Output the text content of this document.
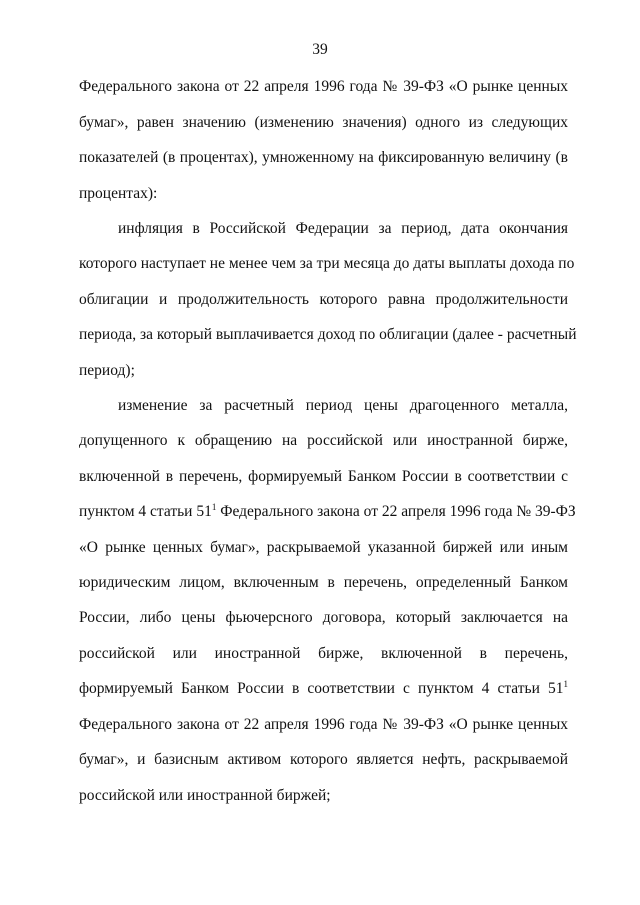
39
Федерального закона от 22 апреля 1996 года № 39-ФЗ «О рынке ценных
бумаг», равен значению (изменению значения) одного из следующих
показателей (в процентах), умноженному на фиксированную величину (в
процентах):
инфляция в Российской Федерации за период, дата окончания
которого наступает не менее чем за три месяца до даты выплаты дохода по
облигации и продолжительность которого равна продолжительности
периода, за который выплачивается доход по облигации (далее - расчетный
период);
изменение за расчетный период цены драгоценного металла,
допущенного к обращению на российской или иностранной бирже,
включенной в перечень, формируемый Банком России в соответствии с
пунктом 4 статьи $51^1$ Федерального закона от 22 апреля 1996 года № 39-ФЗ
«О рынке ценных бумаг», раскрываемой указанной биржей или иным
юридическим лицом, включенным в перечень, определенный Банком
России, либо цены фьючерсного договора, который заключается на
российской или иностранной бирже, включенной в перечень,
формируемый Банком России в соответствии с пунктом 4 статьи $51^1$
Федерального закона от 22 апреля 1996 года № 39-ФЗ «О рынке ценных
бумаг», и базисным активом которого является нефть, раскрываемой
российской или иностранной биржей;
